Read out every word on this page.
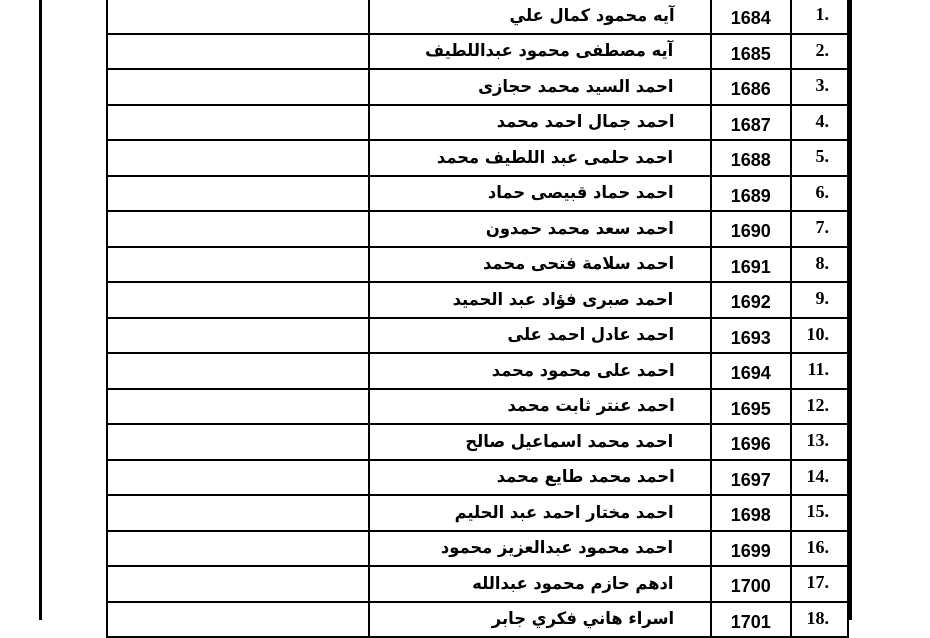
	آيه محمود كمال علي	1684	1.
	آيه مصطفى محمود عبداللطيف	1685	2.
	احمد السيد محمد حجازى	1686	3.
	احمد جمال احمد محمد	1687	4.
	احمد حلمى عبد اللطيف محمد	1688	5.
	احمد حماد قبيصى حماد	1689	6.
	احمد سعد محمد حمدون	1690	7.
	احمد سلامة فتحى محمد	1691	8.
	احمد صبرى فؤاد عبد الحميد	1692	9.
	احمد عادل احمد على	1693	10.
	احمد على محمود محمد	1694	11.
	احمد عنتر ثابت محمد	1695	12.
	احمد محمد اسماعيل صالح	1696	13.
	احمد محمد طايع محمد	1697	14.
	احمد مختار احمد عبد الحليم	1698	15.
	احمد محمود عبدالعزيز محمود	1699	16.
	ادهم حازم محمود عبدالله	1700	17.
	اسراء هاني فكري جابر	1701	18.
